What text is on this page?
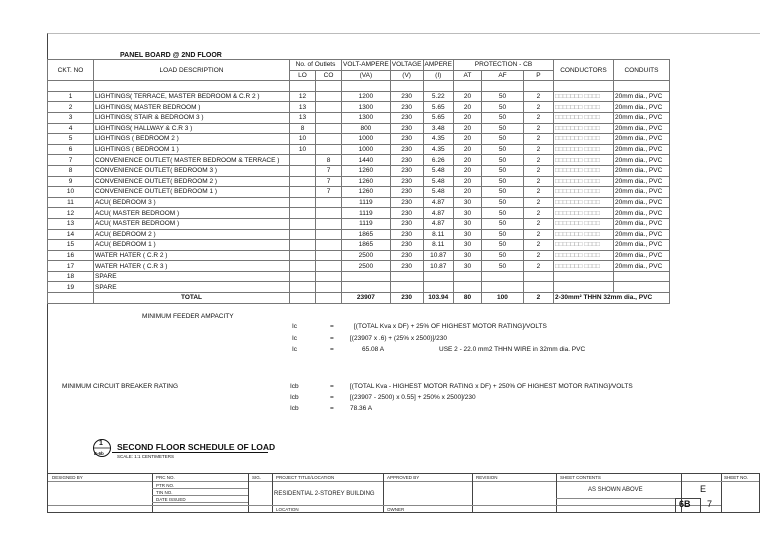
PANEL BOARD @ 2ND FLOOR
CKT. NO	LOAD DESCRIPTION	No. of Outlets		VOLT-AMPERE	VOLTAGE	AMPERE	PROTECTION - CB			CONDUCTORS	CONDUITS
		LO	CO	(VA)	(V)	(I)	AT	AF	P		

1	LIGHTINGS( TERRACE, MASTER BEDROOM & C.R 2 )	12		1200	230	5.22	20	50	2	□□□□□□□ □□□□	20mm dia., PVC
2	LIGHTINGS( MASTER BEDROOM )	13		1300	230	5.65	20	50	2	□□□□□□□ □□□□	20mm dia., PVC
3	LIGHTINGS( STAIR & BEDROOM 3 )	13		1300	230	5.65	20	50	2	□□□□□□□ □□□□	20mm dia., PVC
4	LIGHTINGS( HALLWAY & C.R 3 )	8		800	230	3.48	20	50	2	□□□□□□□ □□□□	20mm dia., PVC
5	LIGHTINGS ( BEDROOM 2 )	10		1000	230	4.35	20	50	2	□□□□□□□ □□□□	20mm dia., PVC
6	LIGHTINGS ( BEDROOM 1 )	10		1000	230	4.35	20	50	2	□□□□□□□ □□□□	20mm dia., PVC
7	CONVENIENCE OUTLET( MASTER BEDROOM & TERRACE )		8	1440	230	6.26	20	50	2	□□□□□□□ □□□□	20mm dia., PVC
8	CONVENIENCE OUTLET( BEDROOM 3 )		7	1260	230	5.48	20	50	2	□□□□□□□ □□□□	20mm dia., PVC
9	CONVENIENCE OUTLET( BEDROOM 2 )		7	1260	230	5.48	20	50	2	□□□□□□□ □□□□	20mm dia., PVC
10	CONVENIENCE OUTLET( BEDROOM 1 )		7	1260	230	5.48	20	50	2	□□□□□□□ □□□□	20mm dia., PVC
11	ACU( BEDROOM 3 )			1119	230	4.87	30	50	2	□□□□□□□ □□□□	20mm dia., PVC
12	ACU( MASTER BEDROOM )			1119	230	4.87	30	50	2	□□□□□□□ □□□□	20mm dia., PVC
13	ACU( MASTER BEDROOM )			1119	230	4.87	30	50	2	□□□□□□□ □□□□	20mm dia., PVC
14	ACU( BEDROOM 2 )			1865	230	8.11	30	50	2	□□□□□□□ □□□□	20mm dia., PVC
15	ACU( BEDROOM 1 )			1865	230	8.11	30	50	2	□□□□□□□ □□□□	20mm dia., PVC
16	WATER HATER ( C.R 2 )			2500	230	10.87	30	50	2	□□□□□□□ □□□□	20mm dia., PVC
17	WATER HATER ( C.R 3 )			2500	230	10.87	30	50	2	□□□□□□□ □□□□	20mm dia., PVC
18	SPARE										
19	SPARE										
	TOTAL			23907	230	103.94	80	100	2	2-30mm² THHN 32mm dia., PVC	
MINIMUM FEEDER AMPACITY
Ic	=	[(TOTAL Kva x DF) + 25% OF HIGHEST MOTOR RATING]/VOLTS
Ic	= [(23907 x .6) + (25% x 2500)]/230
Ic	=	65.08 A	USE 2 - 22.0 mm2 THHN WIRE in 32mm dia. PVC
MINIMUM CIRCUIT BREAKER RATING	Icb	= [(TOTAL Kva - HIGHEST MOTOR RATING x DF) + 250% OF HIGHEST MOTOR RATING]/VOLTS
Icb	= [(23907 - 2500) x 0.55] + 250% x 2500]/230
Icb	= 78.36 A
1
E-6b
SECOND FLOOR SCHEDULE OF LOAD
SCALE: 1:1 CENTIMETERS
DESIGNED BY	PRC NO.
PTR NO.
TIN NO.
DATE ISSUED
SIG.	PROJECT TITLE/LOCATION
RESIDENTIAL 2-STOREY BUILDING
LOCATION
APPROVED BY
OWNER
REVISION	SHEET CONTENTS
AS SHOWN ABOVE	E
SHEET NO.
6B 7
